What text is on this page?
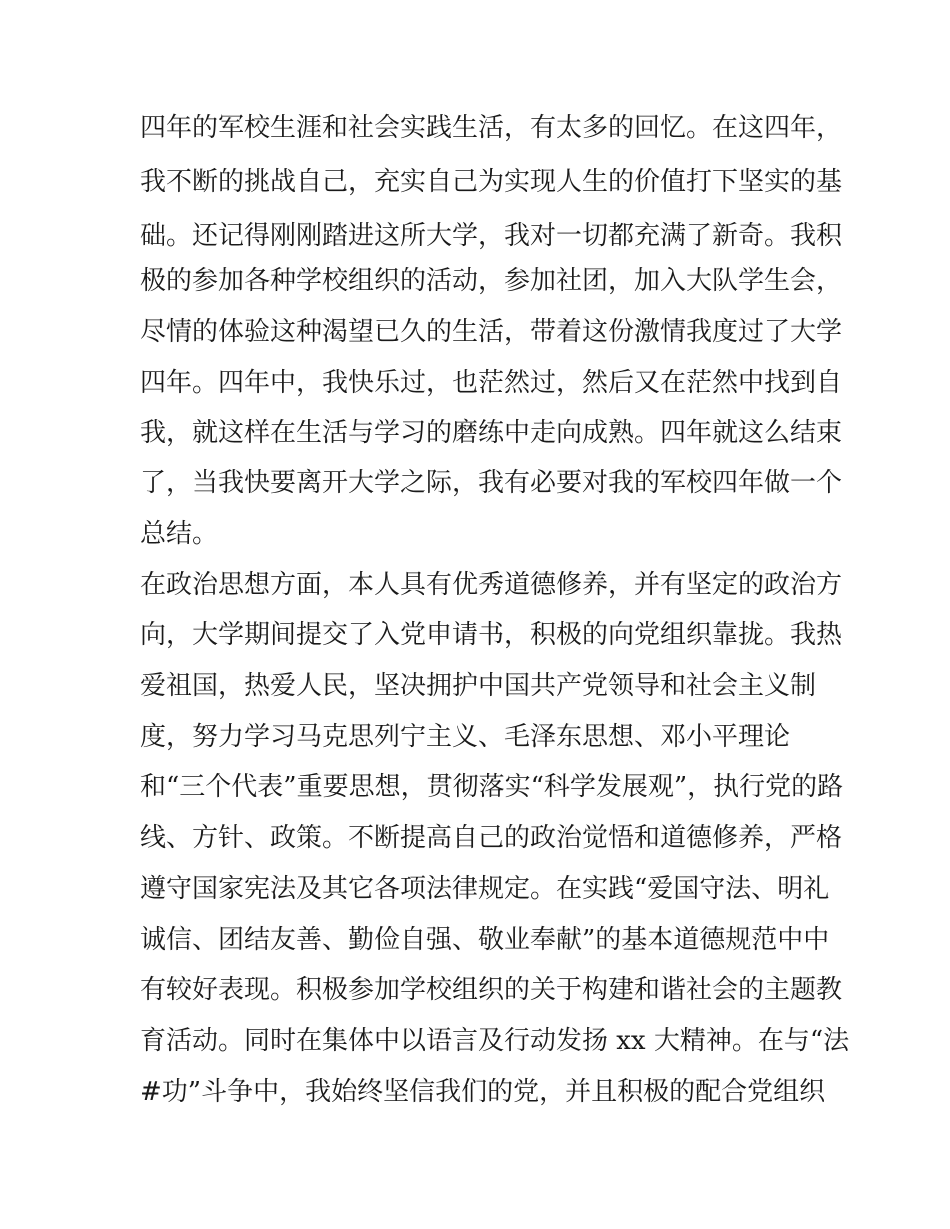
四年的军校生涯和社会实践生活，有太多的回忆。在这四年，
我不断的挑战自己，充实自己为实现人生的价值打下坚实的基
础。还记得刚刚踏进这所大学，我对一切都充满了新奇。我积
极的参加各种学校组织的活动，参加社团，加入大队学生会，
尽情的体验这种渴望已久的生活，带着这份激情我度过了大学
四年。四年中，我快乐过，也茫然过，然后又在茫然中找到自
我，就这样在生活与学习的磨练中走向成熟。四年就这么结束
了，当我快要离开大学之际，我有必要对我的军校四年做一个
总结。
在政治思想方面，本人具有优秀道德修养，并有坚定的政治方
向，大学期间提交了入党申请书，积极的向党组织靠拢。我热
爱祖国，热爱人民，坚决拥护中国共产党领导和社会主义制
度，努力学习马克思列宁主义、毛泽东思想、邓小平理论
和“三个代表”重要思想，贯彻落实“科学发展观”，执行党的路
线、方针、政策。不断提高自己的政治觉悟和道德修养，严格
遵守国家宪法及其它各项法律规定。在实践“爱国守法、明礼
诚信、团结友善、勤俭自强、敬业奉献”的基本道德规范中中
有较好表现。积极参加学校组织的关于构建和谐社会的主题教
育活动。同时在集体中以语言及行动发扬 xx 大精神。在与“法
#功”斗争中，我始终坚信我们的党，并且积极的配合党组织
